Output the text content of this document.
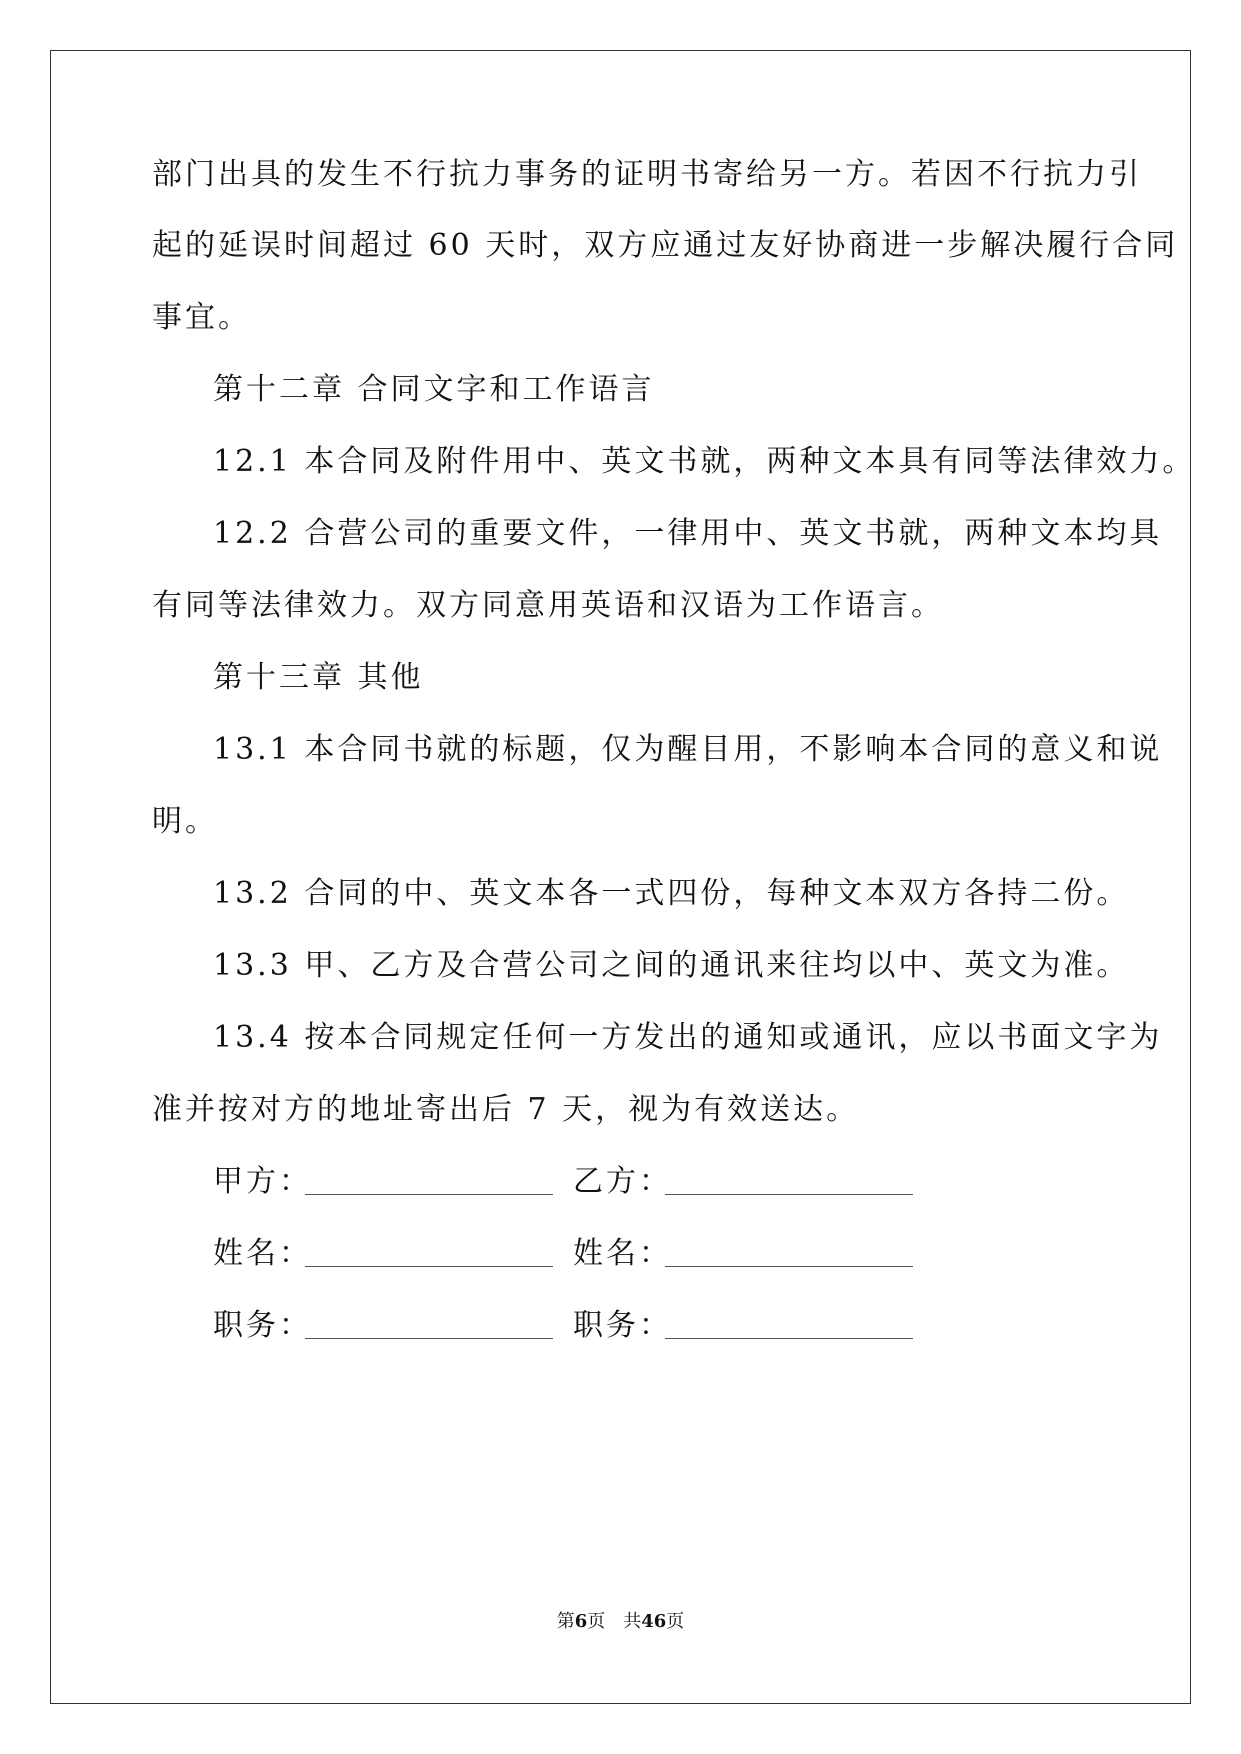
部门出具的发生不行抗力事务的证明书寄给另一方。若因不行抗力引
起的延误时间超过 60 天时，双方应通过友好协商进一步解决履行合同
事宜。
第十二章 合同文字和工作语言
12.1 本合同及附件用中、英文书就，两种文本具有同等法律效力。
12.2 合营公司的重要文件，一律用中、英文书就，两种文本均具
有同等法律效力。双方同意用英语和汉语为工作语言。
第十三章 其他
13.1 本合同书就的标题，仅为醒目用，不影响本合同的意义和说
明。
13.2 合同的中、英文本各一式四份，每种文本双方各持二份。
13.3 甲、乙方及合营公司之间的通讯来往均以中、英文为准。
13.4 按本合同规定任何一方发出的通知或通讯，应以书面文字为
准并按对方的地址寄出后 7 天，视为有效送达。
甲方：	乙方：
姓名：	姓名：
职务：	职务：
第6页 共46页
